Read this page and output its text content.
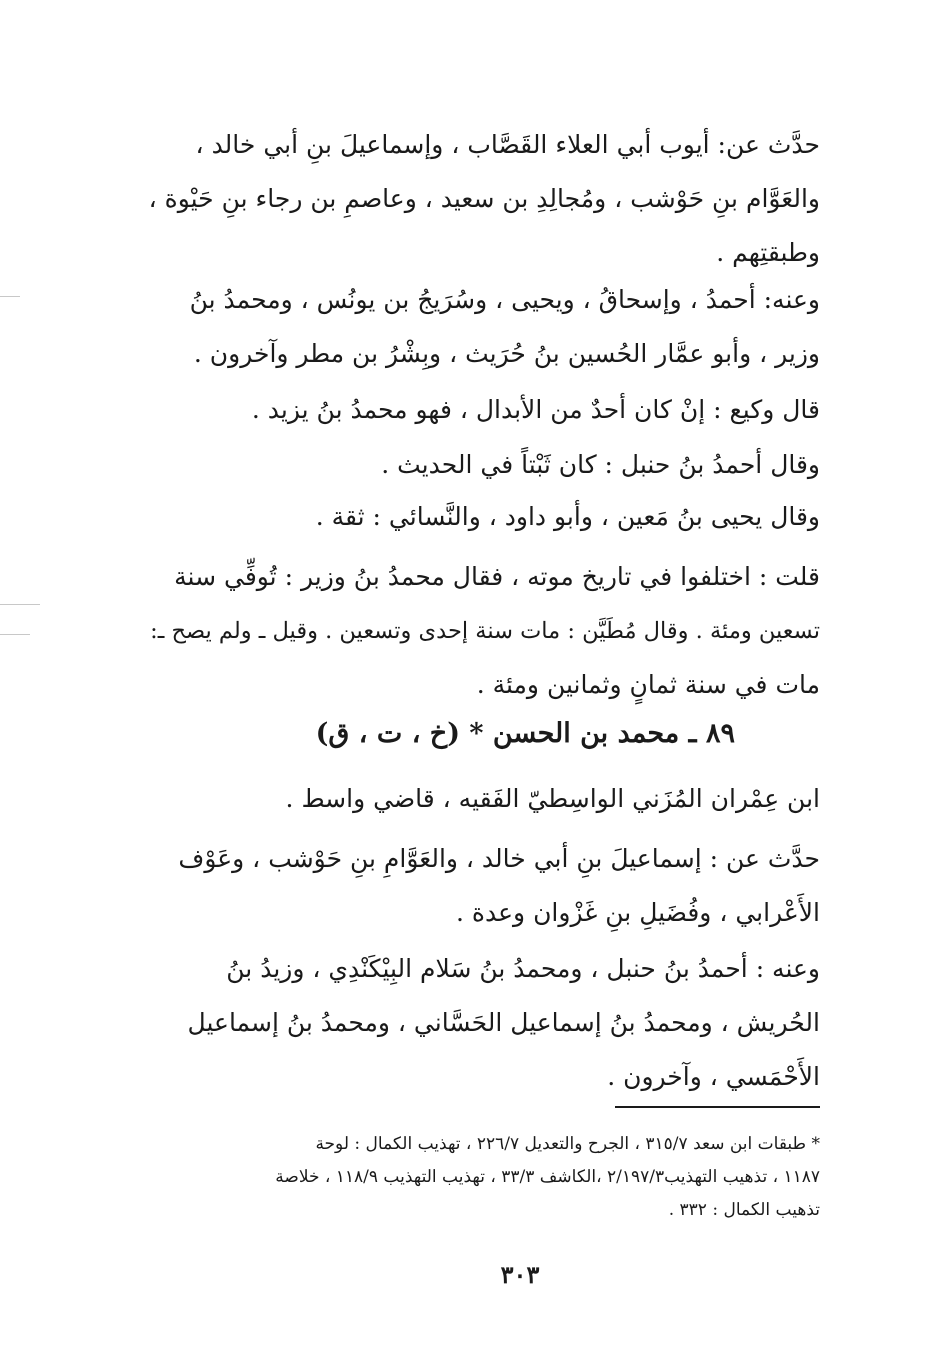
حدَّث عن: أيوب أبي العلاء القَصَّاب ، وإسماعيلَ بنِ أبي خالد ،
والعَوَّام بنِ حَوْشب ، ومُجالِدِ بن سعيد ، وعاصمِ بن رجاء بنِ حَيْوة ،
وطبقتِهم .
وعنه: أحمدُ ، وإسحاقُ ، ويحيى ، وسُرَيجُ بن يونُس ، ومحمدُ بنُ
وزير ، وأبو عمَّار الحُسين بنُ حُرَيث ، وبِشْرُ بن مطر وآخرون .
قال وكيع : إنْ كان أحدٌ من الأبدال ، فهو محمدُ بنُ يزيد .
وقال أحمدُ بنُ حنبل : كان ثَبْتاً في الحديث .
وقال يحيى بنُ مَعين ، وأبو داود ، والنَّسائي : ثقة .
قلت : اختلفوا في تاريخ موته ، فقال محمدُ بنُ وزير : تُوفِّي سنة
تسعين ومئة . وقال مُطَيَّن : مات سنة إحدى وتسعين . وقيل ـ ولم يصح ـ:
مات في سنة ثمانٍ وثمانين ومئة .
٨٩ ـ محمد بن الحسن * (خ ، ت ، ق)
ابن عِمْران المُزَني الواسِطيّ الفَقيه ، قاضي واسط .
حدَّث عن : إسماعيلَ بنِ أبي خالد ، والعَوَّامِ بنِ حَوْشب ، وعَوْف
الأَعْرابي ، وفُضَيلِ بنِ غَزْوان وعدة .
وعنه : أحمدُ بنُ حنبل ، ومحمدُ بنُ سَلام البِيْكَنْدِي ، وزيدُ بنُ
الحُريش ، ومحمدُ بنُ إسماعيل الحَسَّاني ، ومحمدُ بنُ إسماعيل
الأَحْمَسي ، وآخرون .
* طبقات ابن سعد ٣١٥/٧ ، الجرح والتعديل ٢٢٦/٧ ، تهذيب الكمال : لوحة
١١٨٧ ، تذهيب التهذيب٢/١٩٧/٣ ،الكاشف ٣٣/٣ ، تهذيب التهذيب ١١٨/٩ ، خلاصة
تذهيب الكمال : ٣٣٢ .
٣٠٣
